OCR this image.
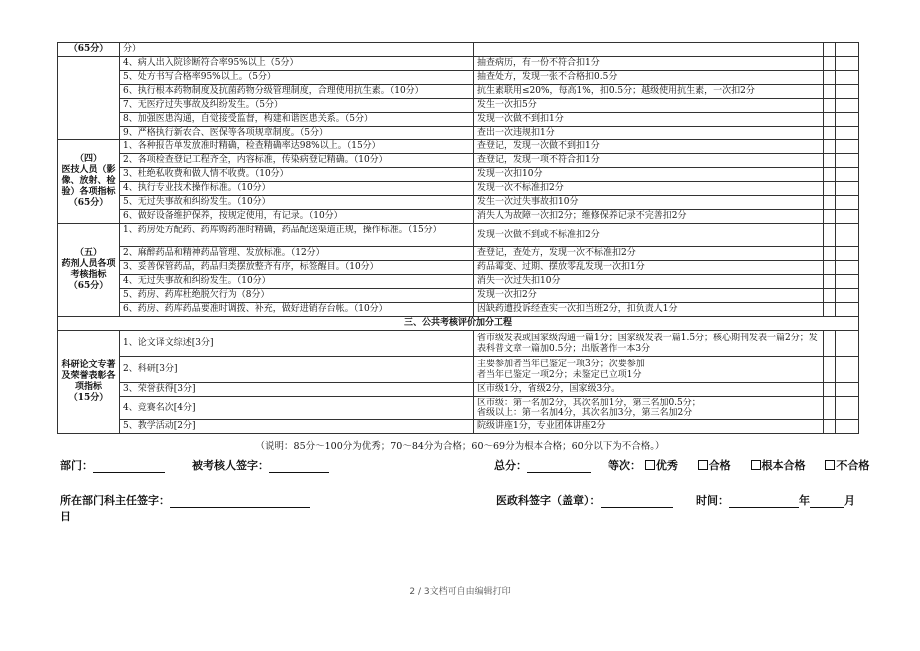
（65分）	分）			
	4、病人出入院诊断符合率95%以上（5分）	抽查病历，有一份不符合扣1分		
	5、处方书写合格率95%以上。（5分）	抽查处方，发现一张不合格扣0.5分		
	6、执行根本药物制度及抗菌药物分级管理制度，合理使用抗生素。（10分）	抗生素联用≤20%，每高1%，扣0.5分；越级使用抗生素，一次扣2分		
	7、无医疗过失事故及纠纷发生。（5分）	发生一次扣5分		
	8、加强医患沟通，自觉接受监督，构建和谐医患关系。（5分）	发现一次做不到扣1分		
	9、严格执行新农合、医保等各项规章制度。（5分）	查出一次违规扣1分		
（四）
医技人员（影像、放射、检验）各项指标
（65分）	1、各种报告单发放准时精确，检查精确率达98%以上。（15分）	查登记，发现一次做不到扣1分		
	2、各项检查登记工程齐全，内容标准，传染病登记精确。（10分）	查登记，发现一项不符合扣1分		
	3、杜绝私收费和做人情不收费。（10分）	发现一次扣10分		
	4、执行专业技术操作标准。（10分）	发现一次不标准扣2分		
	5、无过失事故和纠纷发生。（10分）	发生一次过失事故扣10分		
	6、做好设备维护保养，按规定使用，有记录。（10分）	消失人为故障一次扣2分；维修保养记录不完善扣2分		
（五）
药剂人员各项考核指标
（65分）	1、药房处方配药、药库购药准时精确，药品配送渠道正规，操作标准。（15分）	发现一次做不到或不标准扣2分		
	2、麻醉药品和精神药品管理、发放标准。（12分）	查登记，查处方，发现一次不标准扣2分		
	3、妥善保管药品，药品归类摆放整齐有序，标签醒目。（10分）	药品霉变、过期、摆放零乱发现一次扣1分		
	4、无过失事故和纠纷发生。（10分）	消失一次过失扣10分		
	5、药房、药库杜绝脱欠行为（8分）	发现一次扣2分		
	6、药房、药库药品要准时调拨、补充，做好进销存台帐。（10分）	因缺药遭投诉经查实一次扣当班2分，扣负责人1分		
三、公共考核评价加分工程				
科研论文专著及荣誉表彰各项指标
（15分）	1、论文译文综述[3分]	省市级发表或国家级沟通一篇1分；国家级发表一篇1.5分；核心期刊发表一篇2分；发表科普文章一篇加0.5分；出版著作一本3分		

	2、科研[3分]	主要参加者当年已鉴定一项3分；次要参加者当年已鉴定一项2分；未鉴定已立项1分		

	3、荣誉获得[3分]	区市级1分，省级2分，国家级3分。		
	4、竞赛名次[4分]	区市级：第一名加2分，其次名加1分，第三名加0.5分；省级以上：第一名加4分，其次名加3分，第三名加2分		

	5、教学活动[2分]	院级讲座1分，专业团体讲座2分		
（说明：85分～100分为优秀；70～84分为合格；60～69分为根本合格；60分以下为不合格。）
部门：	被考核人签字：	总分：	等次： 优秀	合格	根本合格	不合格
所在部门科主任签字：	医政科签字（盖章）：	时间：	年	月
日
2 / 3文档可自由编辑打印
